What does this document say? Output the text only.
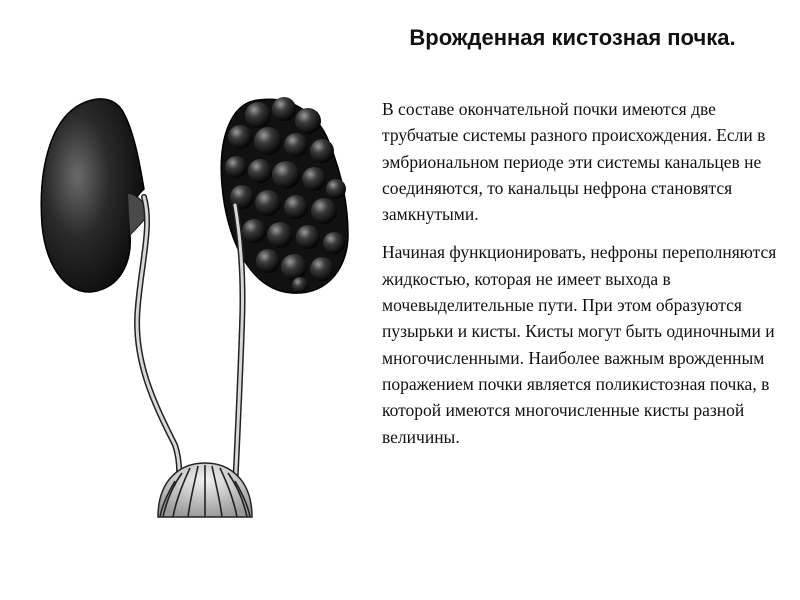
Врожденная кистозная почка.

В составе окончательной почки имеются две трубчатые системы разного происхождения. Если в эмбриональном периоде эти системы канальцев не соединяются, то канальцы нефрона становятся замкнутыми.

Начиная функционировать, нефроны переполняются жидкостью, которая не имеет выхода в мочевыделительные пути. При этом образуются пузырьки и кисты. Кисты могут быть одиночными и многочисленными. Наиболее важным врожденным поражением почки является поликистозная почка, в которой имеются многочисленные кисты разной величины.
